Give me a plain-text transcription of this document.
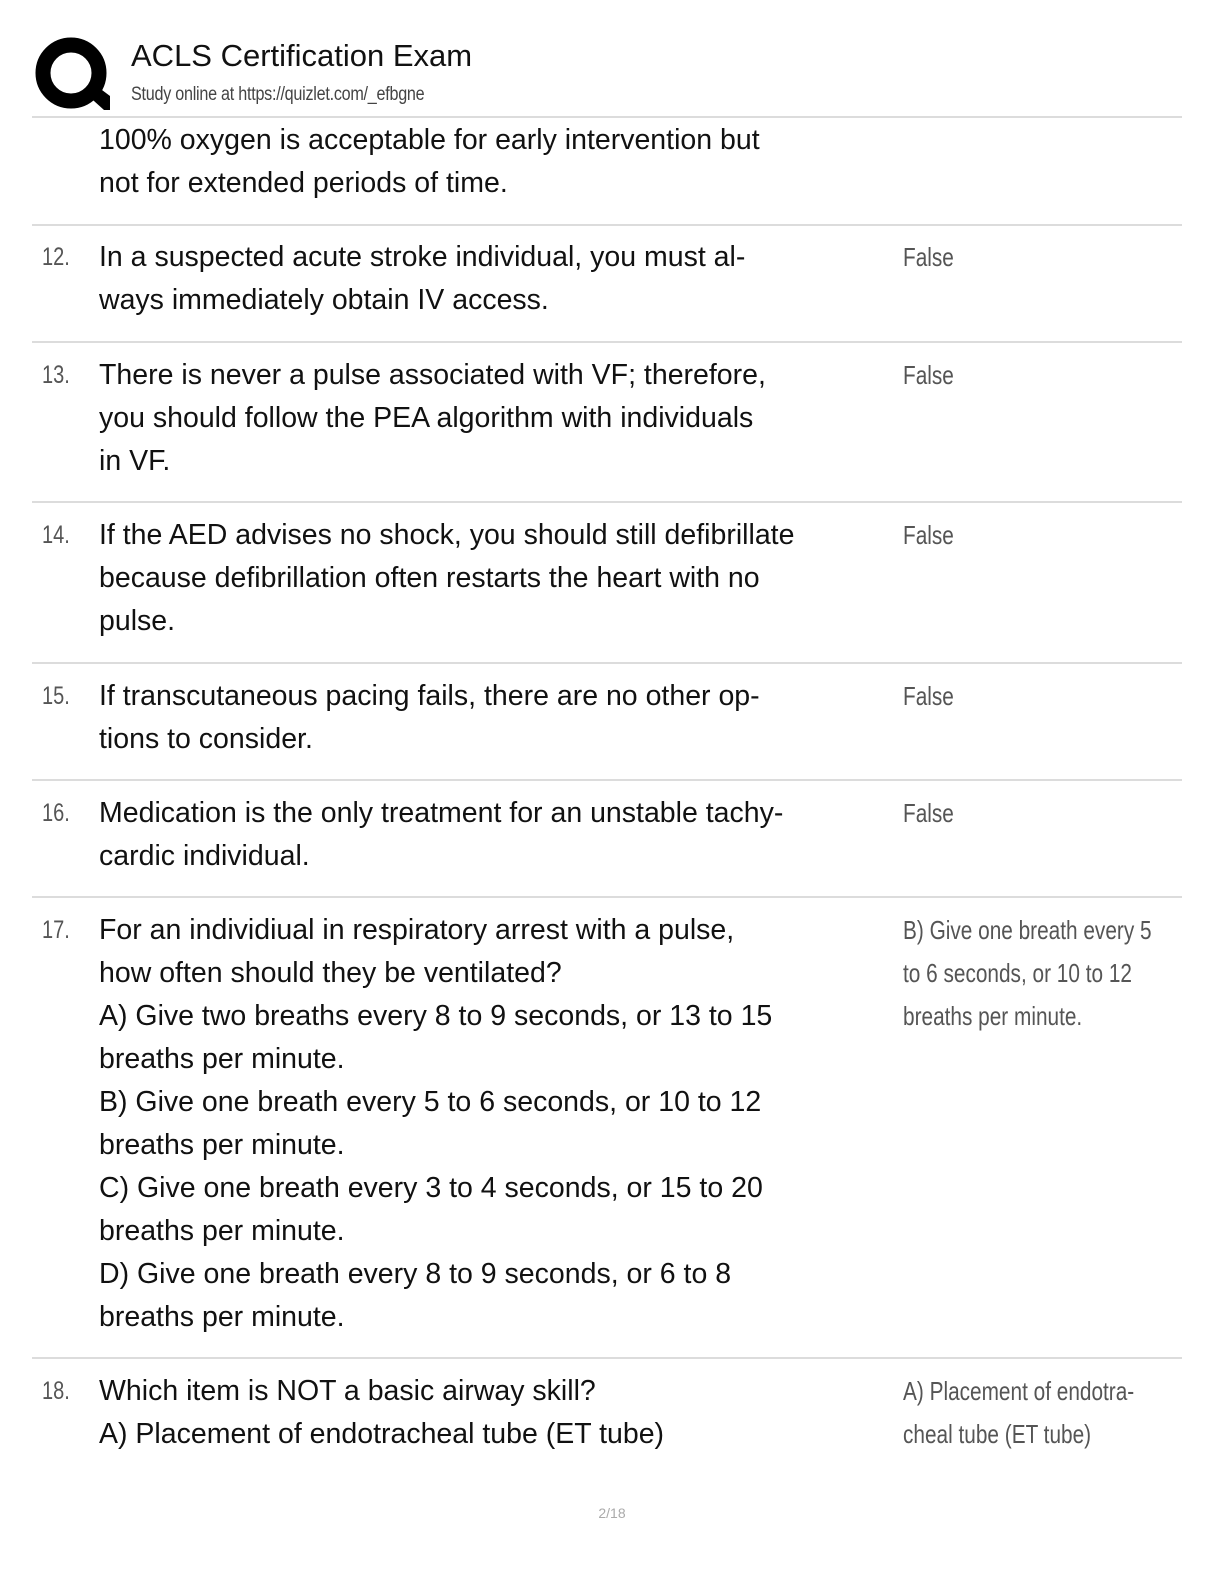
ACLS Certification Exam
Study online at https://quizlet.com/_efbgne
100% oxygen is acceptable for early intervention but
not for extended periods of time.
12. In a suspected acute stroke individual, you must al-
ways immediately obtain IV access.
False
13. There is never a pulse associated with VF; therefore,
you should follow the PEA algorithm with individuals
in VF.
False
14. If the AED advises no shock, you should still defibrillate
because defibrillation often restarts the heart with no
pulse.
False
15. If transcutaneous pacing fails, there are no other op-
tions to consider.
False
16. Medication is the only treatment for an unstable tachy-
cardic individual.
False
17. For an individiual in respiratory arrest with a pulse,
how often should they be ventilated?
A) Give two breaths every 8 to 9 seconds, or 13 to 15
breaths per minute.
B) Give one breath every 5 to 6 seconds, or 10 to 12
breaths per minute.
C) Give one breath every 3 to 4 seconds, or 15 to 20
breaths per minute.
D) Give one breath every 8 to 9 seconds, or 6 to 8
breaths per minute.
B) Give one breath every 5
to 6 seconds, or 10 to 12
breaths per minute.
18. Which item is NOT a basic airway skill?
A) Placement of endotracheal tube (ET tube)
A) Placement of endotra-
cheal tube (ET tube)
2/18
